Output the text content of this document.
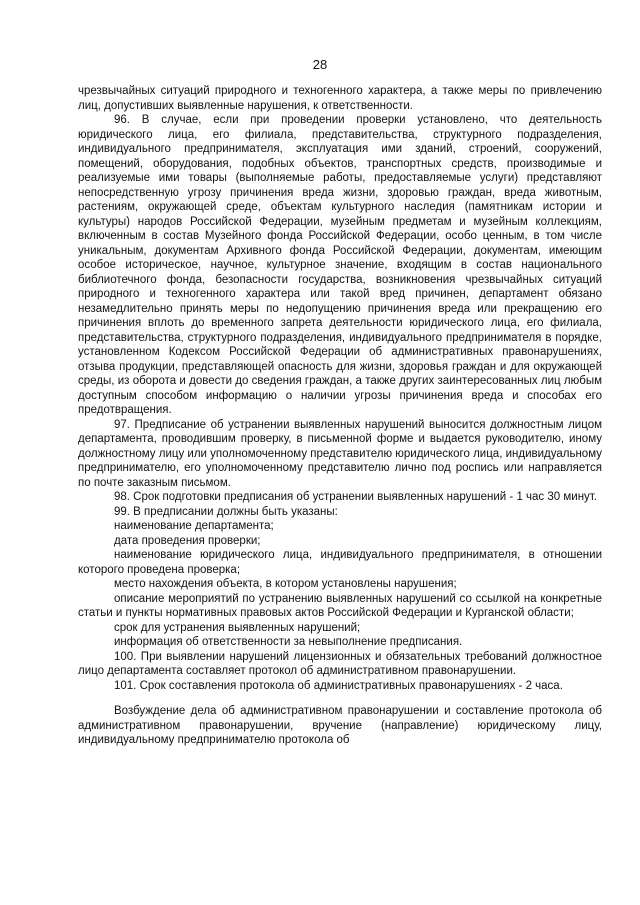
28

чрезвычайных ситуаций природного и техногенного характера, а также меры по привлечению лиц, допустивших выявленные нарушения, к ответственности.

96. В случае, если при проведении проверки установлено, что деятельность юридического лица, его филиала, представительства, структурного подразделения, индивидуального предпринимателя, эксплуатация ими зданий, строений, сооружений, помещений, оборудования, подобных объектов, транспортных средств, производимые и реализуемые ими товары (выполняемые работы, предоставляемые услуги) представляют непосредственную угрозу причинения вреда жизни, здоровью граждан, вреда животным, растениям, окружающей среде, объектам культурного наследия (памятникам истории и культуры) народов Российской Федерации, музейным предметам и музейным коллекциям, включенным в состав Музейного фонда Российской Федерации, особо ценным, в том числе уникальным, документам Архивного фонда Российской Федерации, документам, имеющим особое историческое, научное, культурное значение, входящим в состав национального библиотечного фонда, безопасности государства, возникновения чрезвычайных ситуаций природного и техногенного характера или такой вред причинен, департамент обязано незамедлительно принять меры по недопущению причинения вреда или прекращению его причинения вплоть до временного запрета деятельности юридического лица, его филиала, представительства, структурного подразделения, индивидуального предпринимателя в порядке, установленном Кодексом Российской Федерации об административных правонарушениях, отзыва продукции, представляющей опасность для жизни, здоровья граждан и для окружающей среды, из оборота и довести до сведения граждан, а также других заинтересованных лиц любым доступным способом информацию о наличии угрозы причинения вреда и способах его предотвращения.

97. Предписание об устранении выявленных нарушений выносится должностным лицом департамента, проводившим проверку, в письменной форме и выдается руководителю, иному должностному лицу или уполномоченному представителю юридического лица, индивидуальному предпринимателю, его уполномоченному представителю лично под роспись или направляется по почте заказным письмом.

98. Срок подготовки предписания об устранении выявленных нарушений - 1 час 30 минут.

99. В предписании должны быть указаны:

наименование департамента;

дата проведения проверки;

наименование юридического лица, индивидуального предпринимателя, в отношении которого проведена проверка;

место нахождения объекта, в котором установлены нарушения;

описание мероприятий по устранению выявленных нарушений со ссылкой на конкретные статьи и пункты нормативных правовых актов Российской Федерации и Курганской области;

срок для устранения выявленных нарушений;

информация об ответственности за невыполнение предписания.

100. При выявлении нарушений лицензионных и обязательных требований должностное лицо департамента составляет протокол об административном правонарушении.

101. Срок составления протокола об административных правонарушениях - 2 часа.

Возбуждение дела об административном правонарушении и составление протокола об административном правонарушении, вручение (направление) юридическому лицу, индивидуальному предпринимателю протокола об
